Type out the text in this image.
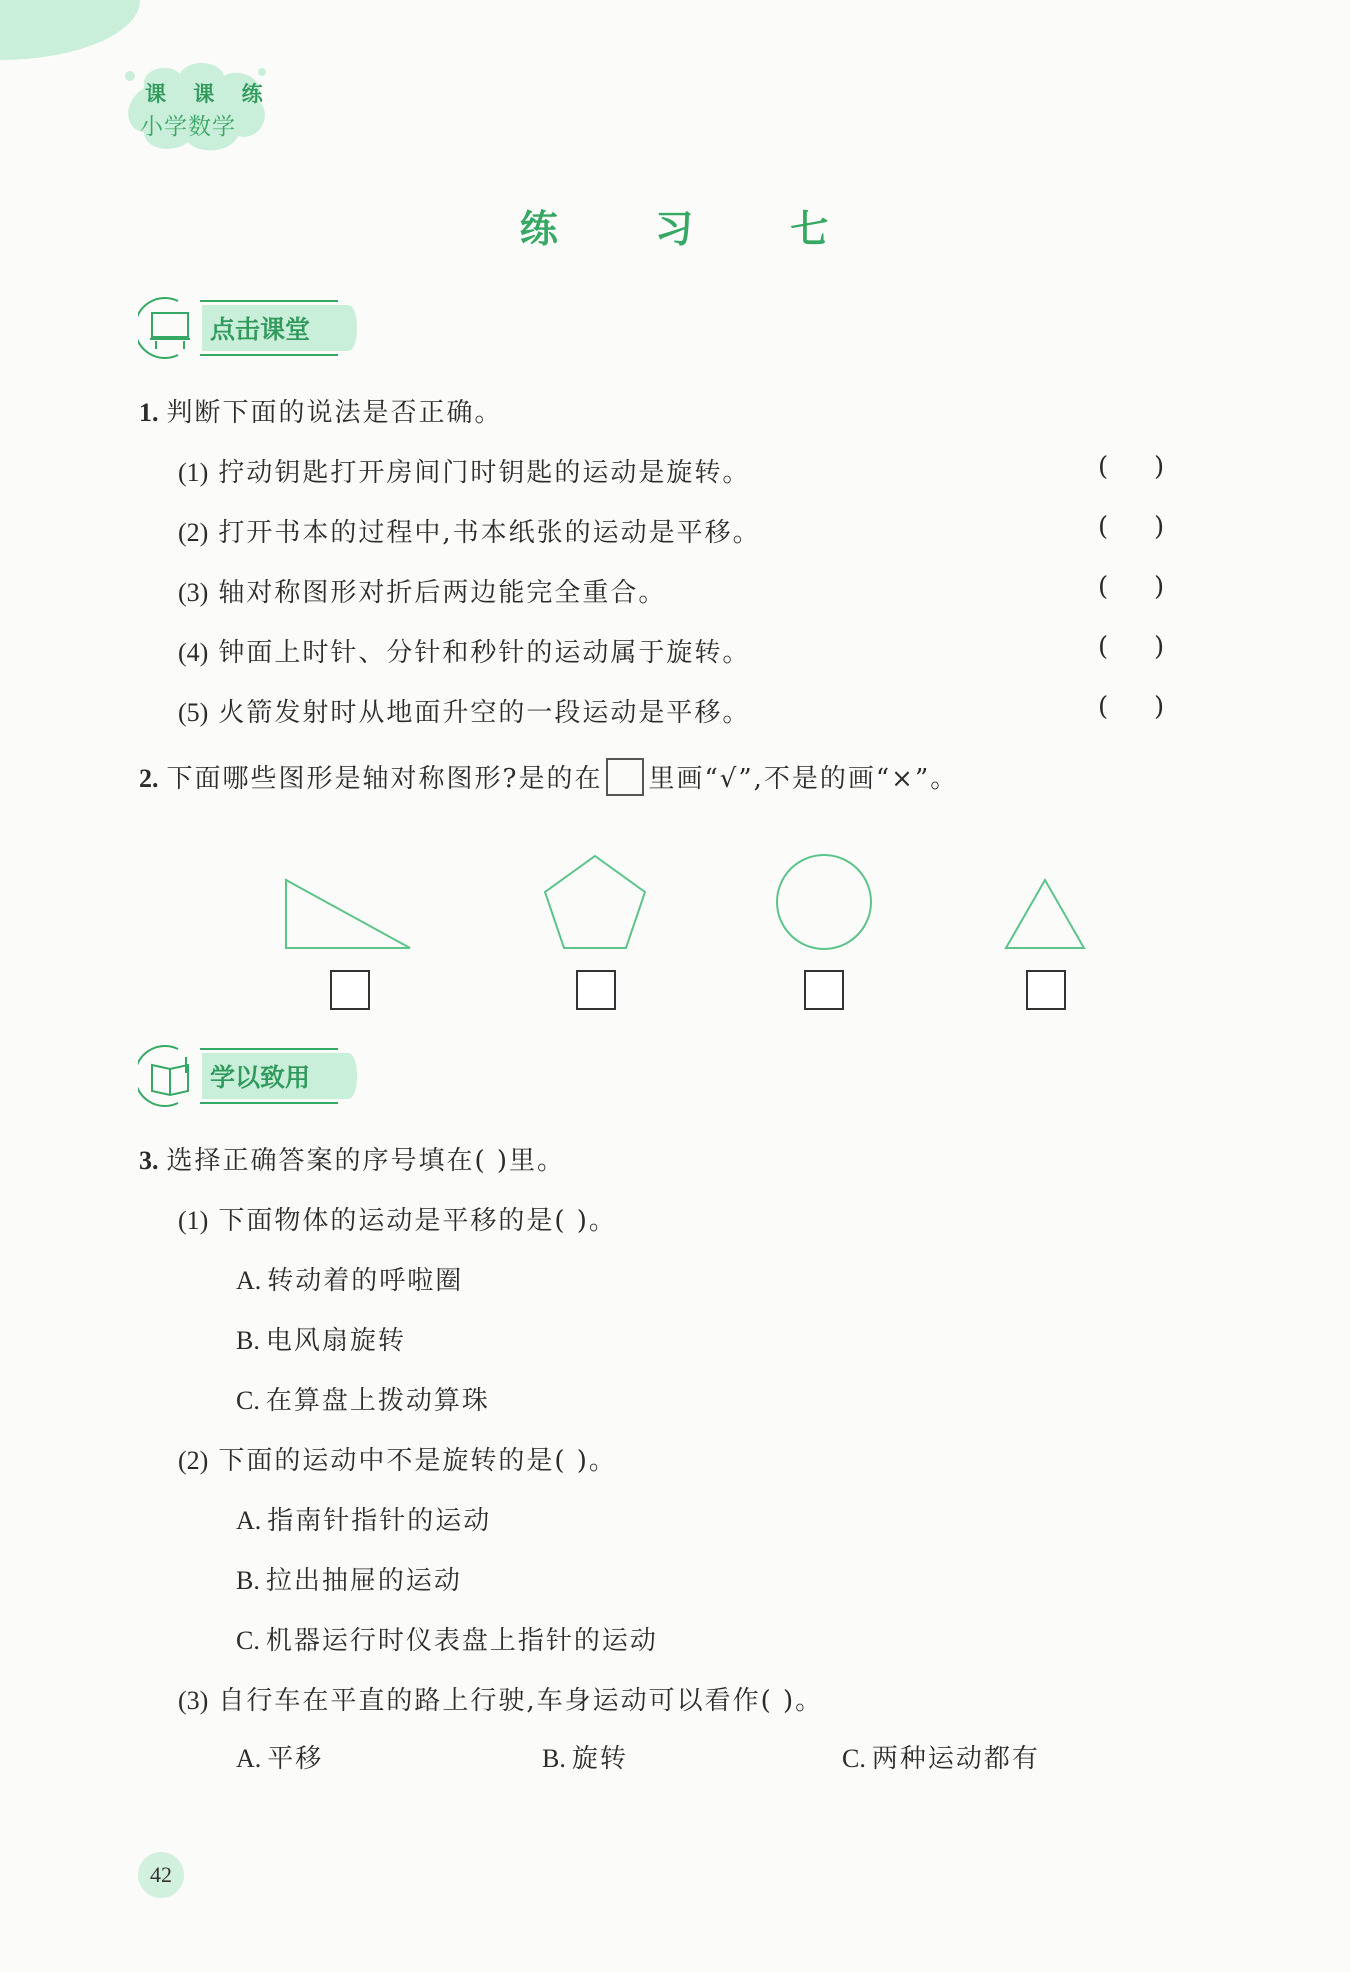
课 课 练
小学数学
练 习 七
点击课堂
1. 判断下面的说法是否正确。
(1) 拧动钥匙打开房间门时钥匙的运动是旋转。	( )
(2) 打开书本的过程中,书本纸张的运动是平移。	( )
(3) 轴对称图形对折后两边能完全重合。	( )
(4) 钟面上时针、分针和秒针的运动属于旋转。	( )
(5) 火箭发射时从地面升空的一段运动是平移。	( )
2. 下面哪些图形是轴对称图形?是的在 里画“√”,不是的画“×”。
学以致用
3. 选择正确答案的序号填在( )里。
(1) 下面物体的运动是平移的是( )。
A. 转动着的呼啦圈
B. 电风扇旋转
C. 在算盘上拨动算珠
(2) 下面的运动中不是旋转的是( )。
A. 指南针指针的运动
B. 拉出抽屉的运动
C. 机器运行时仪表盘上指针的运动
(3) 自行车在平直的路上行驶,车身运动可以看作( )。
A. 平移	B. 旋转	C. 两种运动都有
42
